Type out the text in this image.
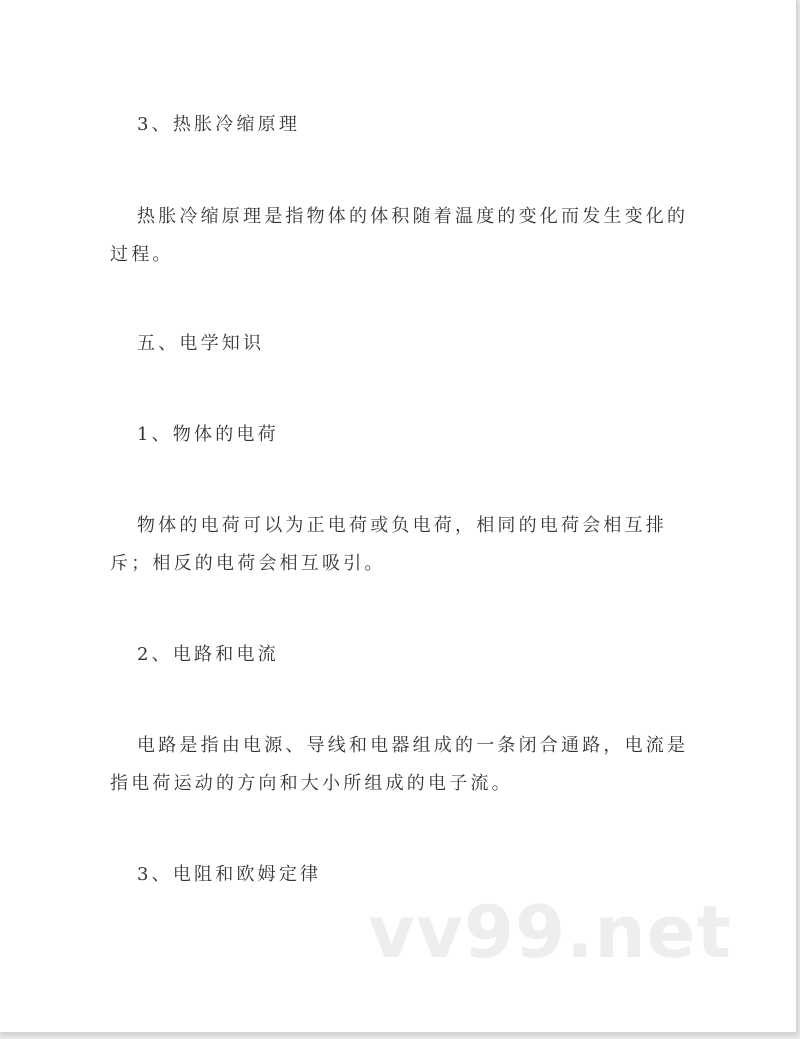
3、热胀冷缩原理

热胀冷缩原理是指物体的体积随着温度的变化而发生变化的过程。

五、电学知识

1、物体的电荷

物体的电荷可以为正电荷或负电荷，相同的电荷会相互排斥；相反的电荷会相互吸引。

2、电路和电流

电路是指由电源、导线和电器组成的一条闭合通路，电流是指电荷运动的方向和大小所组成的电子流。

3、电阻和欧姆定律

vv99.net
